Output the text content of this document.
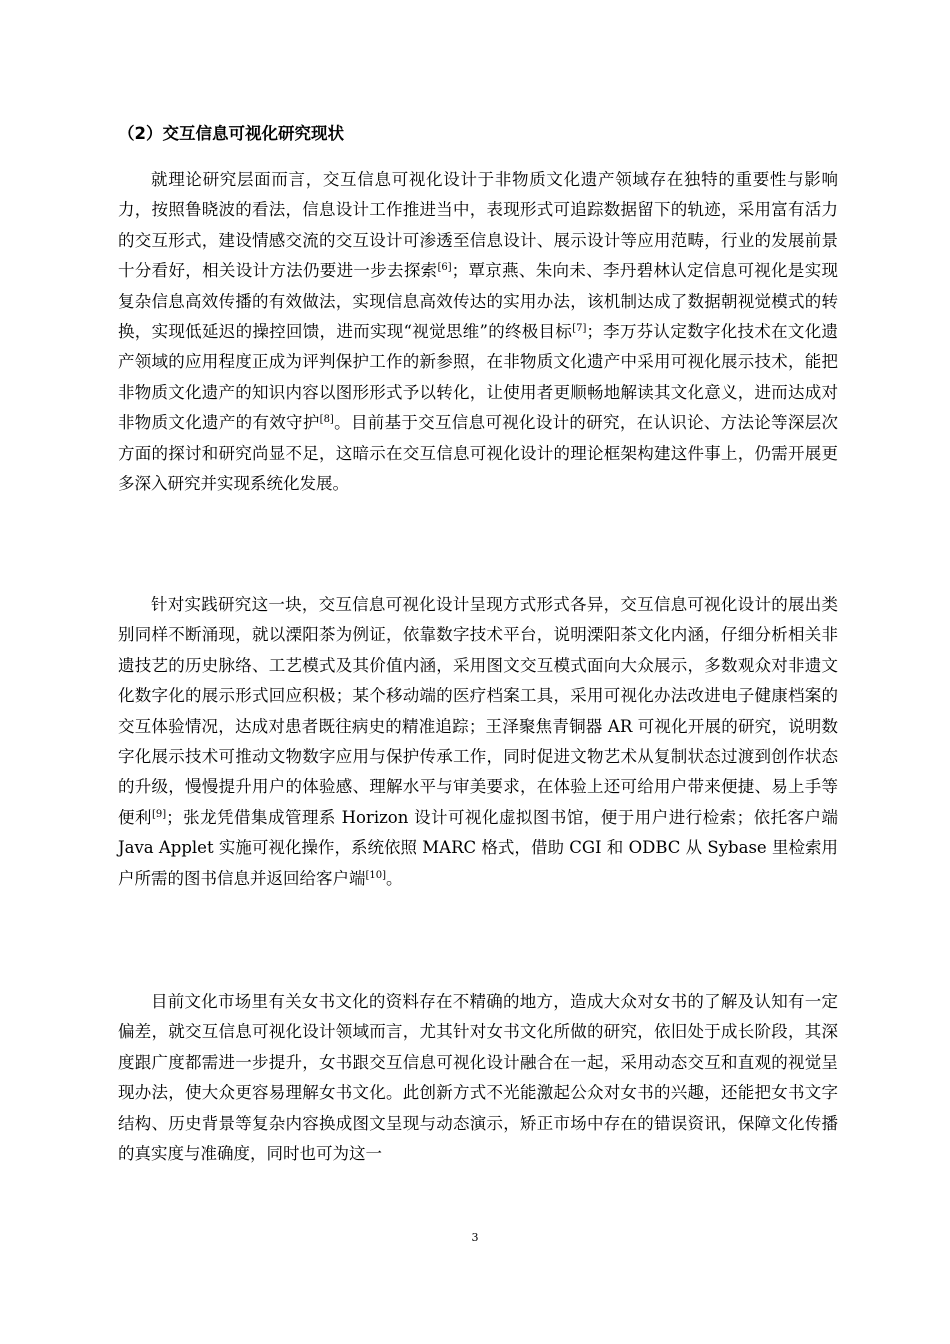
（2）交互信息可视化研究现状

就理论研究层面而言，交互信息可视化设计于非物质文化遗产领域存在独特的重要性与影响力，按照鲁晓波的看法，信息设计工作推进当中，表现形式可追踪数据留下的轨迹，采用富有活力的交互形式，建设情感交流的交互设计可渗透至信息设计、展示设计等应用范畴，行业的发展前景十分看好，相关设计方法仍要进一步去探索[6]；覃京燕、朱向未、李丹碧林认定信息可视化是实现复杂信息高效传播的有效做法，实现信息高效传达的实用办法，该机制达成了数据朝视觉模式的转换，实现低延迟的操控回馈，进而实现“视觉思维”的终极目标[7]；李万芬认定数字化技术在文化遗产领域的应用程度正成为评判保护工作的新参照，在非物质文化遗产中采用可视化展示技术，能把非物质文化遗产的知识内容以图形形式予以转化，让使用者更顺畅地解读其文化意义，进而达成对非物质文化遗产的有效守护[8]。目前基于交互信息可视化设计的研究，在认识论、方法论等深层次方面的探讨和研究尚显不足，这暗示在交互信息可视化设计的理论框架构建这件事上，仍需开展更多深入研究并实现系统化发展。

针对实践研究这一块，交互信息可视化设计呈现方式形式各异，交互信息可视化设计的展出类别同样不断涌现，就以溧阳茶为例证，依靠数字技术平台，说明溧阳茶文化内涵，仔细分析相关非遗技艺的历史脉络、工艺模式及其价值内涵，采用图文交互模式面向大众展示，多数观众对非遗文化数字化的展示形式回应积极；某个移动端的医疗档案工具，采用可视化办法改进电子健康档案的交互体验情况，达成对患者既往病史的精准追踪；王泽聚焦青铜器 AR 可视化开展的研究，说明数字化展示技术可推动文物数字应用与保护传承工作，同时促进文物艺术从复制状态过渡到创作状态的升级，慢慢提升用户的体验感、理解水平与审美要求，在体验上还可给用户带来便捷、易上手等便利[9]；张龙凭借集成管理系 Horizon 设计可视化虚拟图书馆，便于用户进行检索；依托客户端 Java Applet 实施可视化操作，系统依照 MARC 格式，借助 CGI 和 ODBC 从 Sybase 里检索用户所需的图书信息并返回给客户端[10]。

目前文化市场里有关女书文化的资料存在不精确的地方，造成大众对女书的了解及认知有一定偏差，就交互信息可视化设计领域而言，尤其针对女书文化所做的研究，依旧处于成长阶段，其深度跟广度都需进一步提升，女书跟交互信息可视化设计融合在一起，采用动态交互和直观的视觉呈现办法，使大众更容易理解女书文化。此创新方式不光能激起公众对女书的兴趣，还能把女书文字结构、历史背景等复杂内容换成图文呈现与动态演示，矫正市场中存在的错误资讯，保障文化传播的真实度与准确度，同时也可为这一

3
